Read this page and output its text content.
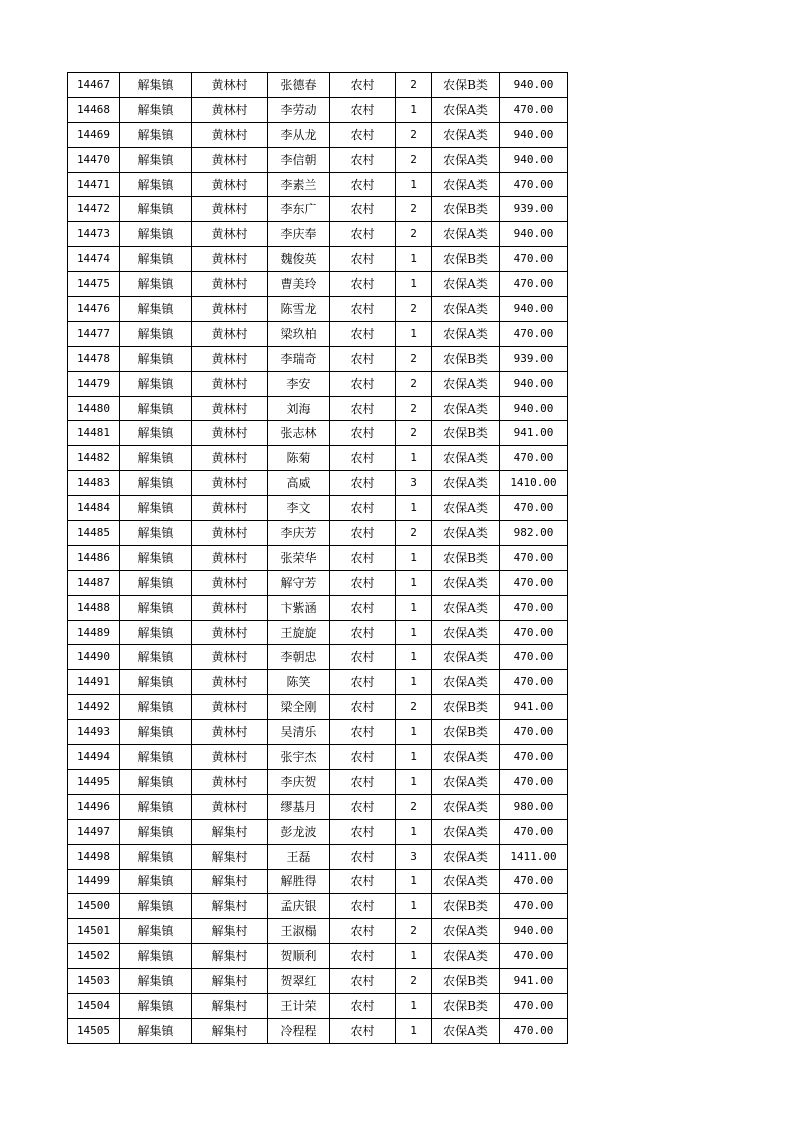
14467	解集镇	黄林村	张德春	农村	2	农保B类	940.00
14468	解集镇	黄林村	李劳动	农村	1	农保A类	470.00
14469	解集镇	黄林村	李从龙	农村	2	农保A类	940.00
14470	解集镇	黄林村	李信朝	农村	2	农保A类	940.00
14471	解集镇	黄林村	李素兰	农村	1	农保A类	470.00
14472	解集镇	黄林村	李东广	农村	2	农保B类	939.00
14473	解集镇	黄林村	李庆奉	农村	2	农保A类	940.00
14474	解集镇	黄林村	魏俊英	农村	1	农保B类	470.00
14475	解集镇	黄林村	曹美玲	农村	1	农保A类	470.00
14476	解集镇	黄林村	陈雪龙	农村	2	农保A类	940.00
14477	解集镇	黄林村	梁玖柏	农村	1	农保A类	470.00
14478	解集镇	黄林村	李瑞奇	农村	2	农保B类	939.00
14479	解集镇	黄林村	李安	农村	2	农保A类	940.00
14480	解集镇	黄林村	刘海	农村	2	农保A类	940.00
14481	解集镇	黄林村	张志林	农村	2	农保B类	941.00
14482	解集镇	黄林村	陈菊	农村	1	农保A类	470.00
14483	解集镇	黄林村	高威	农村	3	农保A类	1410.00
14484	解集镇	黄林村	李文	农村	1	农保A类	470.00
14485	解集镇	黄林村	李庆芳	农村	2	农保A类	982.00
14486	解集镇	黄林村	张荣华	农村	1	农保B类	470.00
14487	解集镇	黄林村	解守芳	农村	1	农保A类	470.00
14488	解集镇	黄林村	卞紫涵	农村	1	农保A类	470.00
14489	解集镇	黄林村	王旋旋	农村	1	农保A类	470.00
14490	解集镇	黄林村	李朝忠	农村	1	农保A类	470.00
14491	解集镇	黄林村	陈笑	农村	1	农保A类	470.00
14492	解集镇	黄林村	梁全刚	农村	2	农保B类	941.00
14493	解集镇	黄林村	吴清乐	农村	1	农保B类	470.00
14494	解集镇	黄林村	张宇杰	农村	1	农保A类	470.00
14495	解集镇	黄林村	李庆贺	农村	1	农保A类	470.00
14496	解集镇	黄林村	缪基月	农村	2	农保A类	980.00
14497	解集镇	解集村	彭龙波	农村	1	农保A类	470.00
14498	解集镇	解集村	王磊	农村	3	农保A类	1411.00
14499	解集镇	解集村	解胜得	农村	1	农保A类	470.00
14500	解集镇	解集村	孟庆银	农村	1	农保B类	470.00
14501	解集镇	解集村	王淑榻	农村	2	农保A类	940.00
14502	解集镇	解集村	贺顺利	农村	1	农保A类	470.00
14503	解集镇	解集村	贺翠红	农村	2	农保B类	941.00
14504	解集镇	解集村	王计荣	农村	1	农保B类	470.00
14505	解集镇	解集村	冷程程	农村	1	农保A类	470.00
